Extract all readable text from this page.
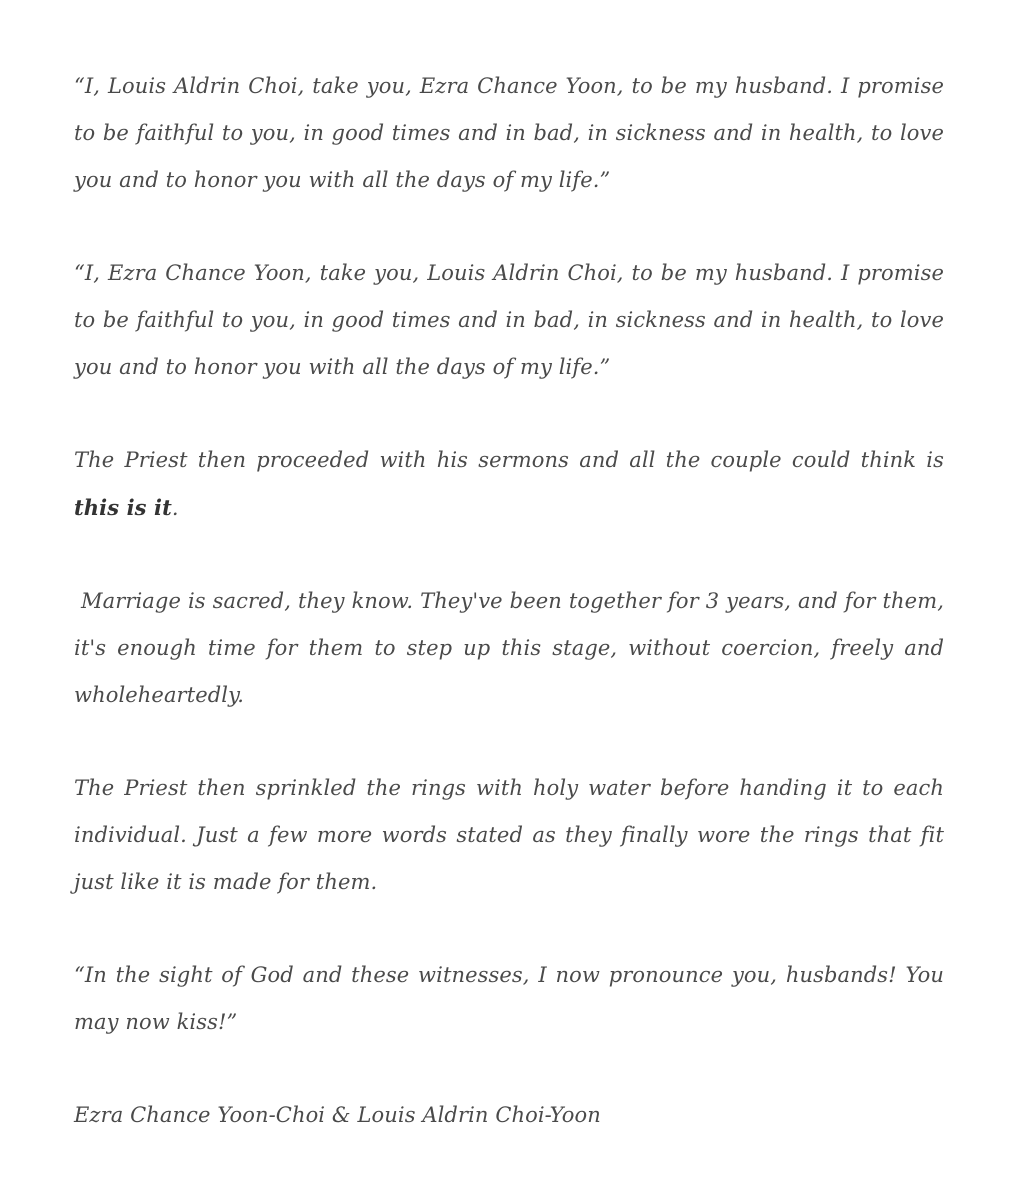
“I, Louis Aldrin Choi, take you, Ezra Chance Yoon, to be my husband. I promise to be faithful to you, in good times and in bad, in sickness and in health, to love you and to honor you with all the days of my life.”

“I, Ezra Chance Yoon, take you, Louis Aldrin Choi, to be my husband. I promise to be faithful to you, in good times and in bad, in sickness and in health, to love you and to honor you with all the days of my life.”

The Priest then proceeded with his sermons and all the couple could think is this is it.

Marriage is sacred, they know. They've been together for 3 years, and for them, it's enough time for them to step up this stage, without coercion, freely and wholeheartedly.

The Priest then sprinkled the rings with holy water before handing it to each individual. Just a few more words stated as they finally wore the rings that fit just like it is made for them.

“In the sight of God and these witnesses, I now pronounce you, husbands! You may now kiss!”

Ezra Chance Yoon-Choi & Louis Aldrin Choi-Yoon
